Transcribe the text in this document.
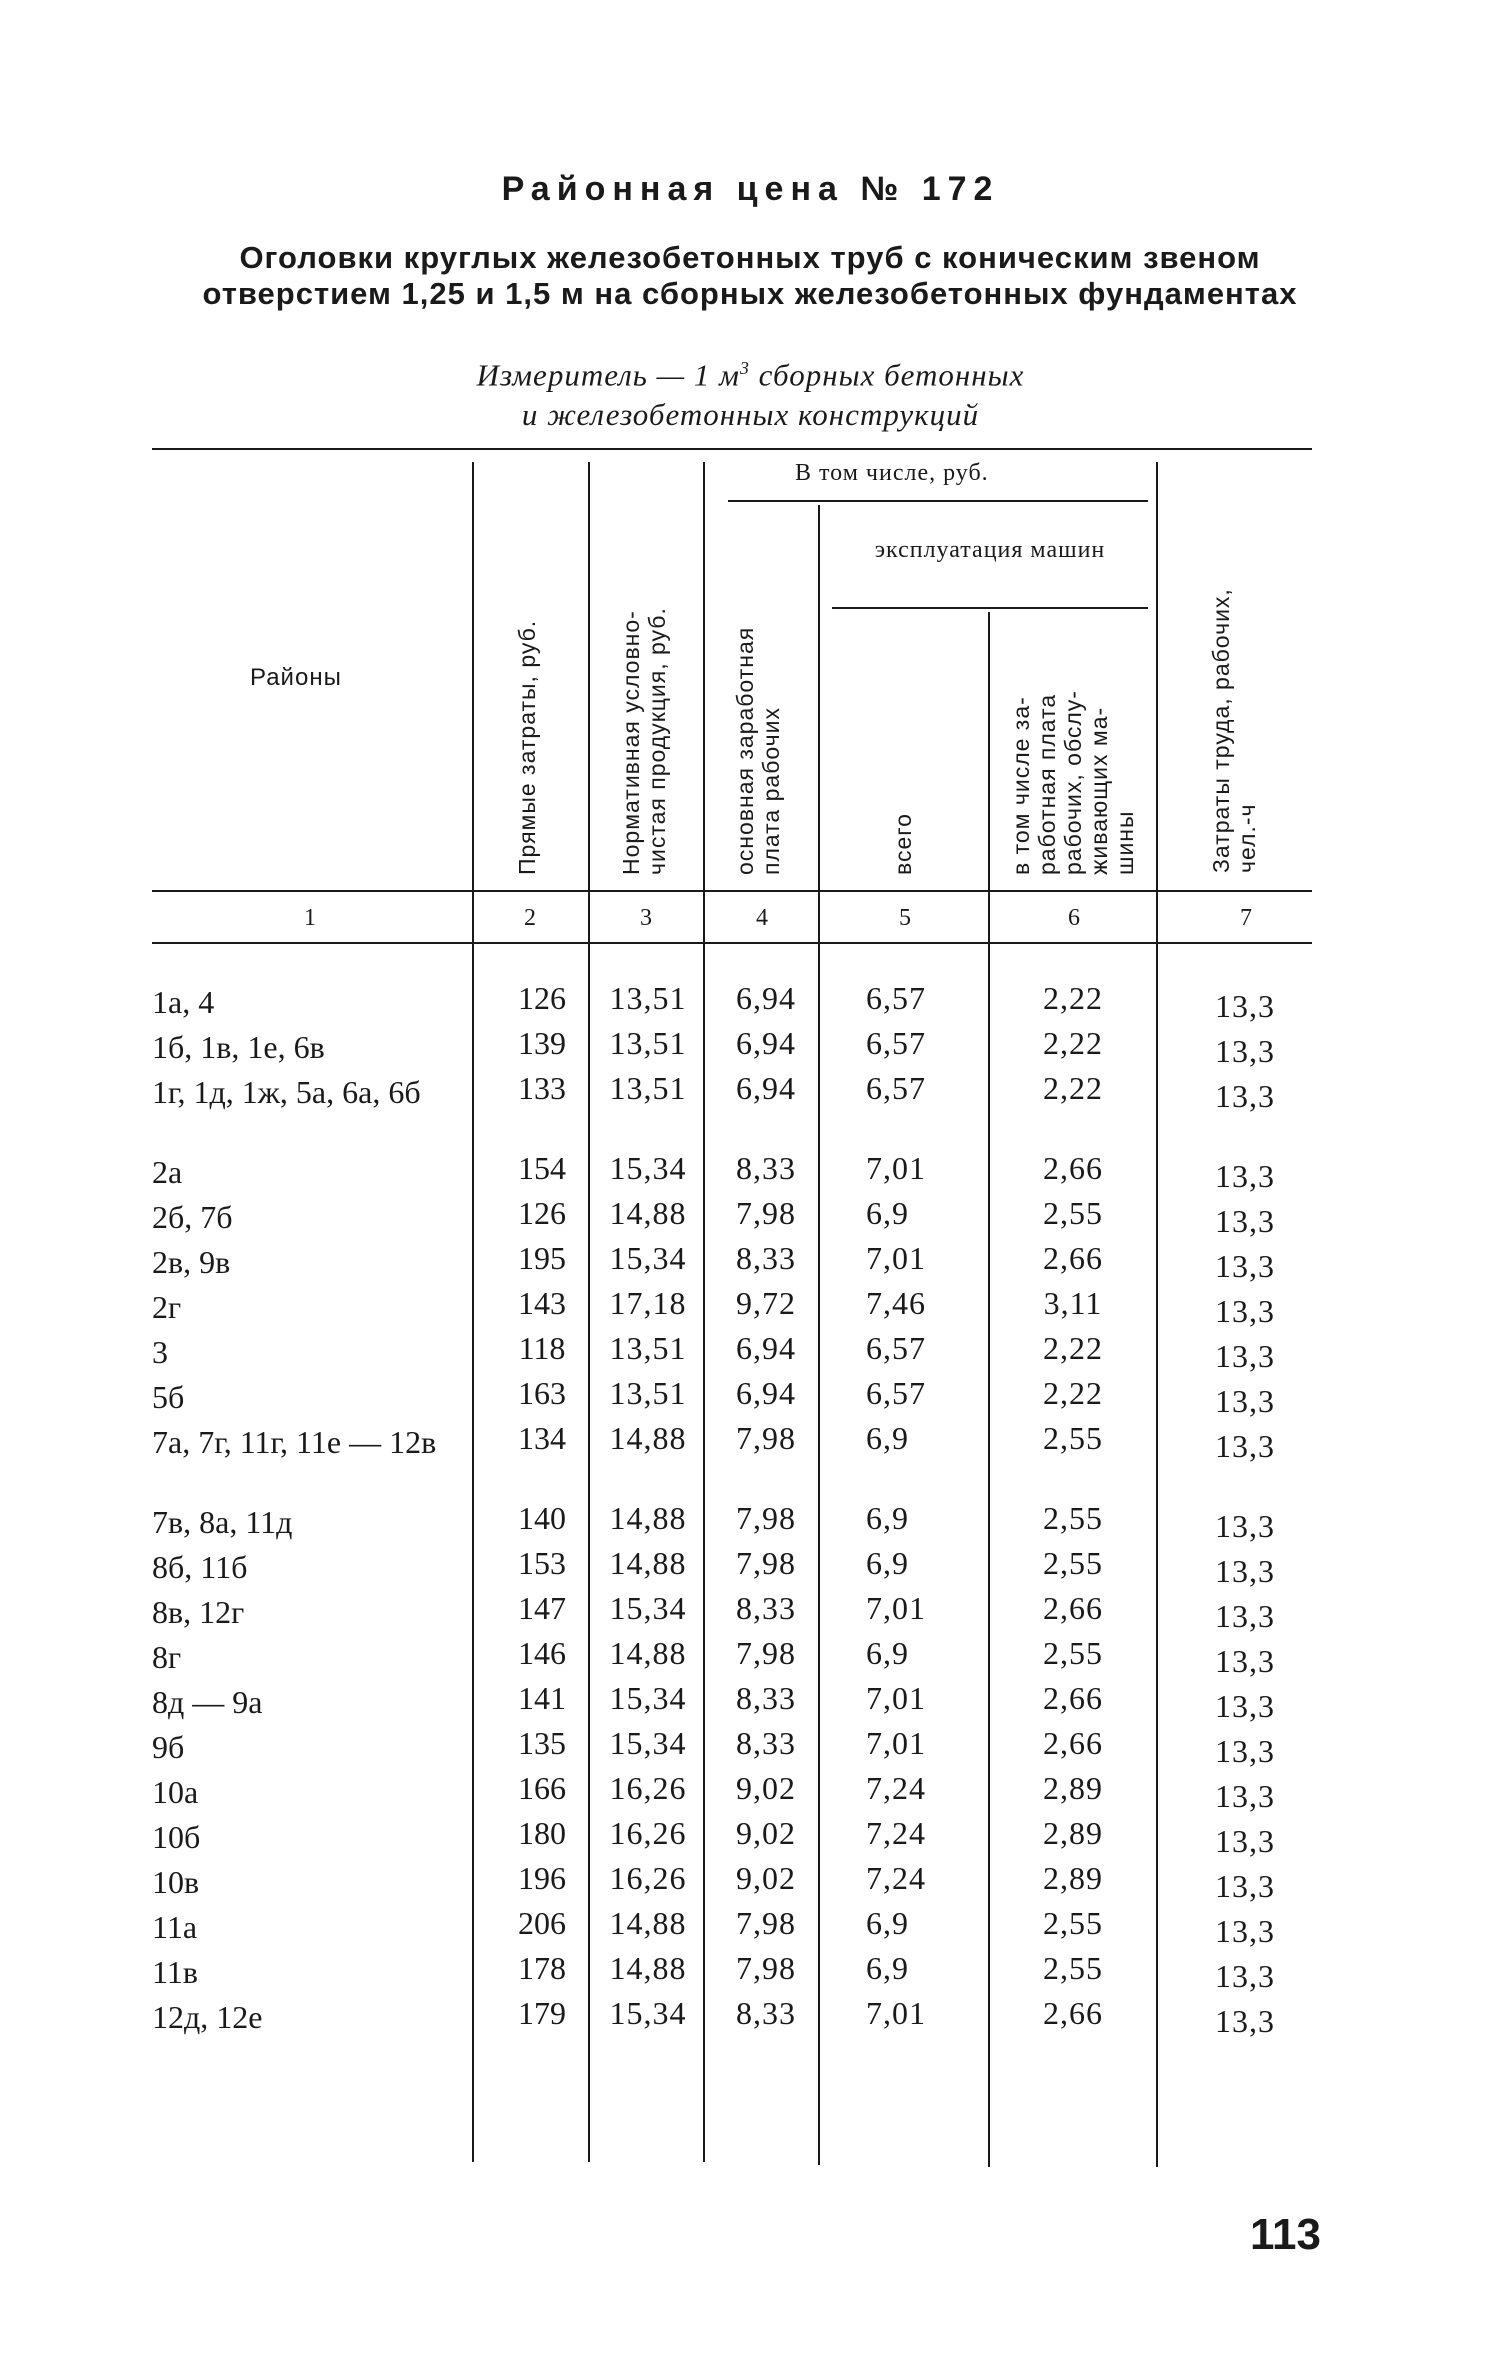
Районная цена № 172
Оголовки круглых железобетонных труб с коническим звеном
отверстием 1,25 и 1,5 м на сборных железобетонных фундаментах
Измеритель — 1 $м^3$ сборных бетонных
и железобетонных конструкций
Районы
В том числе, руб.
эксплуатация машин
Прямые затраты, руб.	Нормативная условно-
чистая продукция, руб.
основная заработная
плата рабочих
всего	в том числе за-
работная плата
рабочих, обслу-
живающих ма-
шины	Затраты труда, рабочих,
чел.-ч
1	2	3	4	5	6	7
1а, 4	126	13,51	6,94	6,57	2,22	13,3
1б, 1в, 1е, 6в	139	13,51	6,94	6,57	2,22	13,3
1г, 1д, 1ж, 5а, 6а, 6б	133	13,51	6,94	6,57	2,22	13,3
2а	154	15,34	8,33	7,01	2,66	13,3
2б, 7б	126	14,88	7,98	6,9	2,55	13,3
2в, 9в	195	15,34	8,33	7,01	2,66	13,3
2г	143	17,18	9,72	7,46	3,11	13,3
3	118	13,51	6,94	6,57	2,22	13,3
5б	163	13,51	6,94	6,57	2,22	13,3
7а, 7г, 11г, 11е — 12в	134	14,88	7,98	6,9	2,55	13,3
7в, 8а, 11д	140	14,88	7,98	6,9	2,55	13,3
8б, 11б	153	14,88	7,98	6,9	2,55	13,3
8в, 12г	147	15,34	8,33	7,01	2,66	13,3
8г	146	14,88	7,98	6,9	2,55	13,3
8д — 9а	141	15,34	8,33	7,01	2,66	13,3
9б	135	15,34	8,33	7,01	2,66	13,3
10а	166	16,26	9,02	7,24	2,89	13,3
10б	180	16,26	9,02	7,24	2,89	13,3
10в	196	16,26	9,02	7,24	2,89	13,3
11а	206	14,88	7,98	6,9	2,55	13,3
11в	178	14,88	7,98	6,9	2,55	13,3
12д, 12е	179	15,34	8,33	7,01	2,66	13,3
113
